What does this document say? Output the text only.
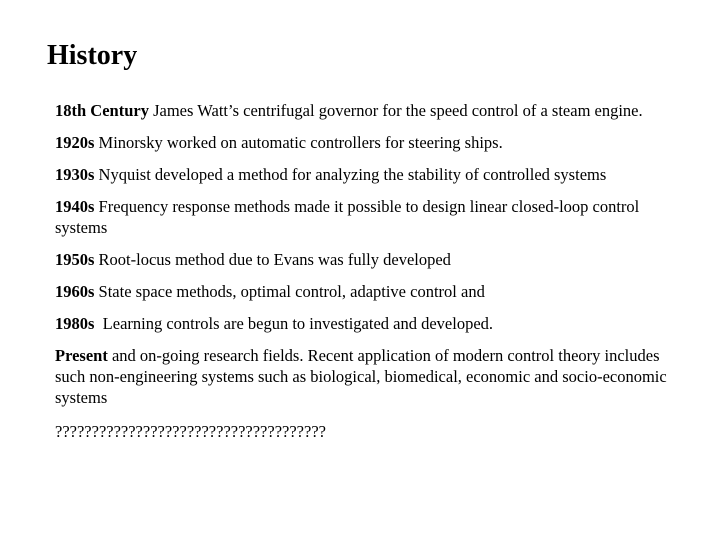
History

18th Century James Watt’s centrifugal governor for the speed control of a steam engine.

1920s Minorsky worked on automatic controllers for steering ships.

1930s Nyquist developed a method for analyzing the stability of controlled systems

1940s Frequency response methods made it possible to design linear closed-loop control systems

1950s Root-locus method due to Evans was fully developed

1960s State space methods, optimal control, adaptive control and

1980s  Learning controls are begun to investigated and developed.

Present and on-going research fields. Recent application of modern control theory includes such non-engineering systems such as biological, biomedical, economic and socio-economic systems

?????????????????????????????????????
